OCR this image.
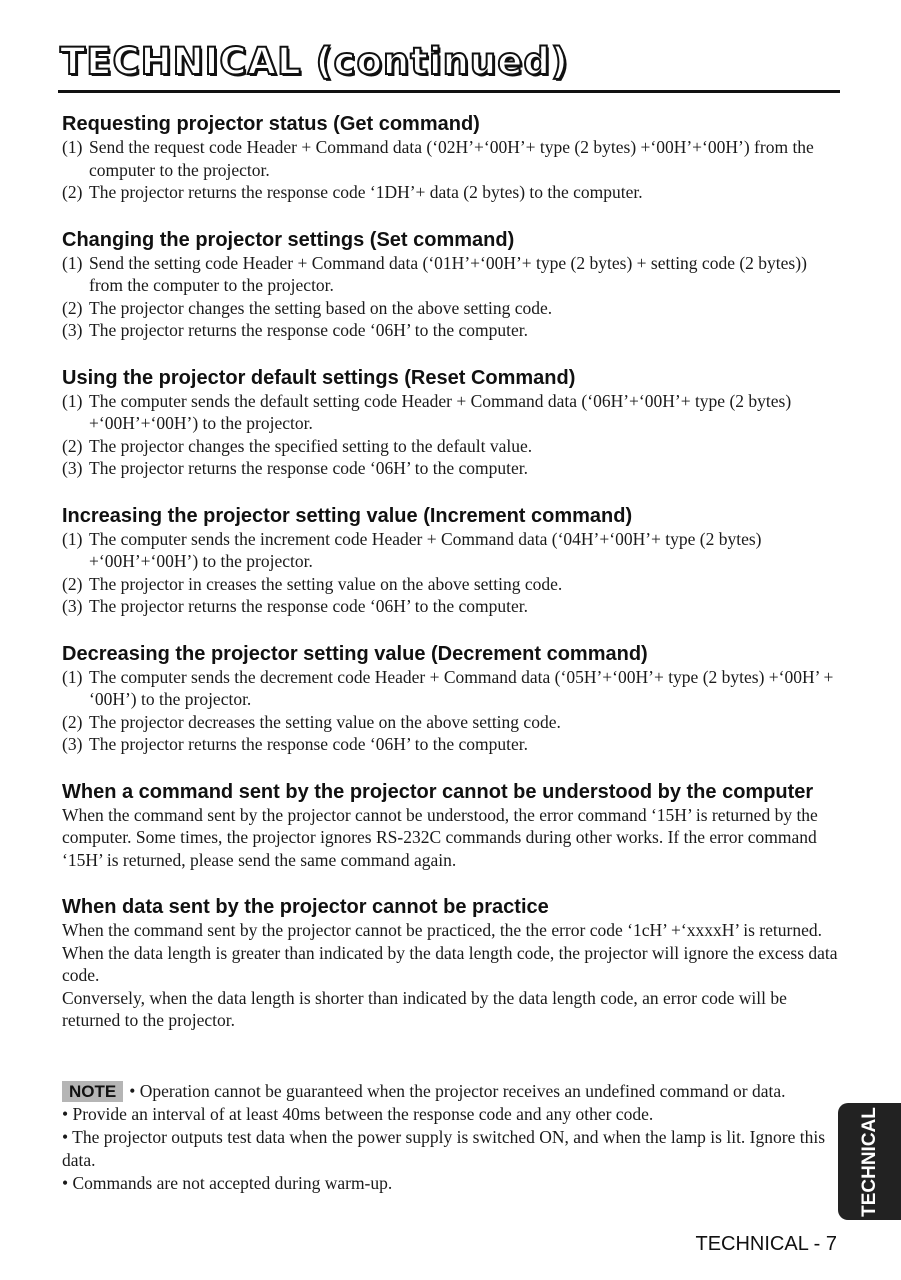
TECHNICAL (continued)
Requesting projector status (Get command)
(1) Send the request code Header + Command data (‘02H’+‘00H’+ type (2 bytes) +‘00H’+‘00H’) from the computer to the projector.
(2) The projector returns the response code ‘1DH’+ data (2 bytes) to the computer.
Changing the projector settings (Set command)
(1) Send the setting code Header + Command data (‘01H’+‘00H’+ type (2 bytes) + setting code (2 bytes)) from the computer to the projector.
(2) The projector changes the setting based on the above setting code.
(3) The projector returns the response code ‘06H’ to the computer.
Using the projector default settings (Reset Command)
(1) The computer sends the default setting code Header + Command data (‘06H’+‘00H’+ type (2 bytes) +‘00H’+‘00H’) to the projector.
(2) The projector changes the specified setting to the default value.
(3) The projector returns the response code ‘06H’ to the computer.
Increasing the projector setting value (Increment command)
(1) The computer sends the increment code Header + Command data (‘04H’+‘00H’+ type (2 bytes) +‘00H’+‘00H’) to the projector.
(2) The projector in creases the setting value on the above setting code.
(3) The projector returns the response code ‘06H’ to the computer.
Decreasing the projector setting value (Decrement command)
(1) The computer sends the decrement code Header + Command data (‘05H’+‘00H’+ type (2 bytes) +‘00H’ + ‘00H’) to the projector.
(2) The projector decreases the setting value on the above setting code.
(3) The projector returns the response code ‘06H’ to the computer.
When a command sent by the projector cannot be understood by the computer

When the command sent by the projector cannot be understood, the error command ‘15H’ is returned by the computer. Some times, the projector ignores RS-232C commands during other works. If the error command ‘15H’ is returned, please send the same command again.

When data sent by the projector cannot be practice

When the command sent by the projector cannot be practiced, the the error code ‘1cH’ +‘xxxxH’ is returned.

When the data length is greater than indicated by the data length code, the projector will ignore the excess data code.

Conversely, when the data length is shorter than indicated by the data length code, an error code will be returned to the projector.

NOTE • Operation cannot be guaranteed when the projector receives an undefined command or data.

• Provide an interval of at least 40ms between the response code and any other code.

• The projector outputs test data when the power supply is switched ON, and when the lamp is lit. Ignore this data.

• Commands are not accepted during warm-up.	TECHNICAL
TECHNICAL - 7
